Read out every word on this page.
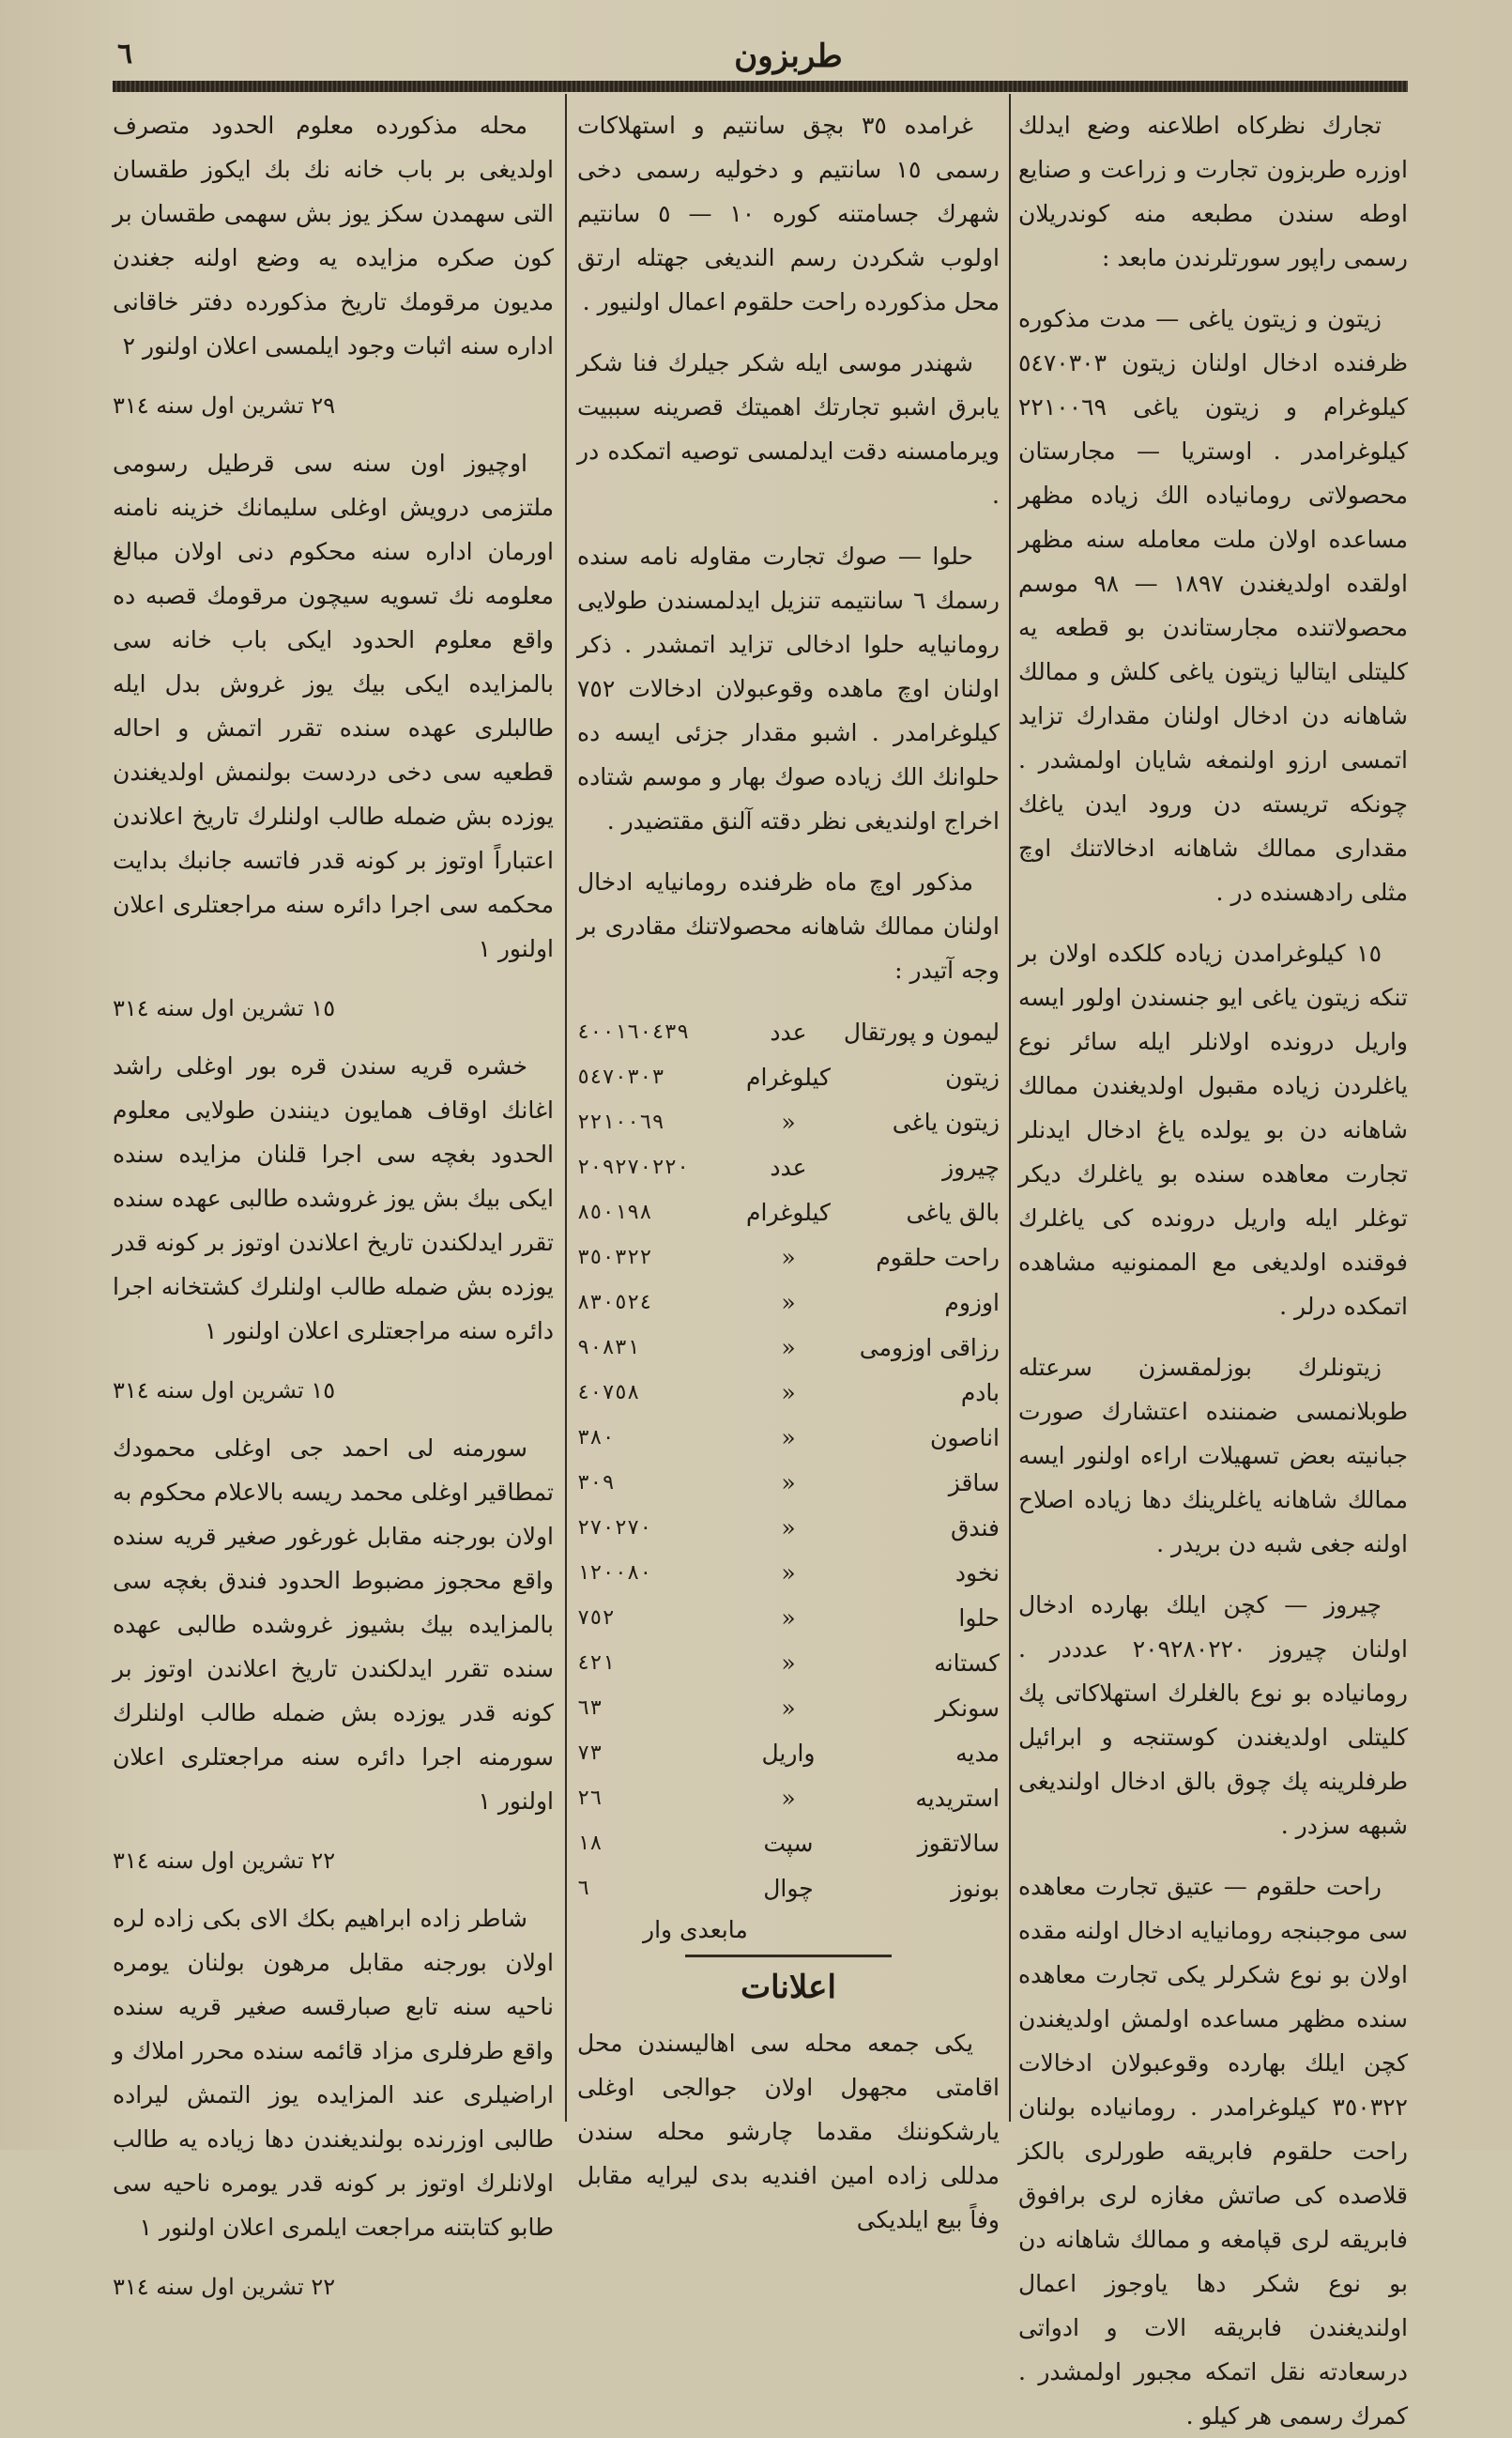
٦	طربزون

تجارك نظركاه اطلاعنه وضع ايدلك اوزره طربزون تجارت و زراعت و صنايع اوطه سندن مطبعه منه كوندريلان رسمى راپور سورتلرندن مابعد :

زيتون و زيتون ياغى — مدت مذكوره ظرفنده ادخال اولنان زيتون ٥٤٧٠٣٠٣ كيلوغرام و زيتون ياغى ٢٢١٠٠٦٩ كيلوغرامدر . اوستريا — مجارستان محصولاتى رومانياده الك زياده مظهر مساعده اولان ملت معامله سنه مظهر اولقده اولديغندن ١٨٩٧ — ٩٨ موسم محصولاتنده مجارستاندن بو قطعه يه كليتلى ايتاليا زيتون ياغى كلش و ممالك شاهانه دن ادخال اولنان مقدارك تزايد اتمسى ارزو اولنمغه شايان اولمشدر . چونكه تريسته دن ورود ايدن ياغك مقدارى ممالك شاهانه ادخالاتنك اوچ مثلى رادهسنده در .

١٥ كيلوغرامدن زياده كلكده اولان بر تنكه زيتون ياغى ايو جنسندن اولور ايسه واريل درونده اولانلر ايله سائر نوع ياغلردن زياده مقبول اولديغندن ممالك شاهانه دن بو يولده ياغ ادخال ايدنلر تجارت معاهده سنده بو ياغلرك ديكر توغلر ايله واريل درونده كى ياغلرك فوقنده اولديغى مع الممنونيه مشاهده اتمكده درلر .

زيتونلرك بوزلمقسزن سرعتله طوبلانمسى ضمننده اعتشارك صورت جبانيته بعض تسهيلات اراءه اولنور ايسه ممالك شاهانه ياغلرينك دها زياده اصلاح اولنه جغى شبه دن بريدر .

چيروز — كچن ايلك بهارده ادخال اولنان چيروز ٢٠٩٢٨٠٢٢٠ عدددر . رومانياده بو نوع بالغلرك استهلاكاتى پك كليتلى اولديغندن كوستنجه و ابرائيل طرفلرينه پك چوق بالق ادخال اولنديغى شبهه سزدر .

راحت حلقوم — عتيق تجارت معاهده سى موجبنجه رومانيايه ادخال اولنه مقده اولان بو نوع شكرلر يكى تجارت معاهده سنده مظهر مساعده اولمش اولديغندن كچن ايلك بهارده وقوعبولان ادخالات ٣٥٠٣٢٢ كيلوغرامدر . رومانياده بولنان راحت حلقوم فابريقه طورلرى بالكز قلاصده كى صاتش مغازه لرى برافوق فابريقه لرى قپامغه و ممالك شاهانه دن بو نوع شكر دها ياوجوز اعمال اولنديغندن فابريقه الات و ادواتى درسعادته نقل اتمكه مجبور اولمشدر . كمرك رسمى هر كيلو .

غرامده ٣٥ بچق سانتيم و استهلاكات رسمى ١٥ سانتيم و دخوليه رسمى دخى شهرك جسامتنه كوره ١٠ — ٥ سانتيم اولوب شكردن رسم النديغى جهتله ارتق محل مذكورده راحت حلقوم اعمال اولنيور .

شهندر موسى ايله شكر جيلرك فنا شكر يابرق اشبو تجارتك اهميتك قصرينه سببيت ويرمامسنه دقت ايدلمسى توصيه اتمكده در .

حلوا — صوك تجارت مقاوله نامه سنده رسمك ٦ سانتيمه تنزيل ايدلمسندن طولايى رومانيايه حلوا ادخالى تزايد اتمشدر . ذكر اولنان اوچ ماهده وقوعبولان ادخالات ٧٥٢ كيلوغرامدر . اشبو مقدار جزئى ايسه ده حلوانك الك زياده صوك بهار و موسم شتاده اخراج اولنديغى نظر دقته آلنق مقتضيدر .

مذكور اوچ ماه ظرفنده رومانيايه ادخال اولنان ممالك شاهانه محصولاتنك مقادرى بر وجه آتيدر :

ليمون و پورتقال	عدد	٤٠٠١٦٠٤٣٩
زيتون	كيلوغرام	٥٤٧٠٣٠٣
زيتون ياغى	«	٢٢١٠٠٦٩
چيروز	عدد	٢٠٩٢٧٠٢٢٠
بالق ياغى	كيلوغرام	٨٥٠١٩٨
راحت حلقوم	«	٣٥٠٣٢٢
اوزوم	«	٨٣٠٥٢٤
رزاقى اوزومى	«	٩٠٨٣١
بادم	«	٤٠٧٥٨
اناصون	«	٣٨٠
ساقز	«	٣٠٩
فندق	«	٢٧٠٢٧٠
نخود	«	١٢٠٠٨٠
حلوا	«	٧٥٢
كستانه	«	٤٢١
سونكر	«	٦٣
مديه	واريل	٧٣
استريديه	«	٢٦
سالاتقوز	سپت	١٨
بونوز	چوال	٦
مابعدى وار
اعلانات

يكى جمعه محله سى اهاليسندن محل اقامتى مجهول اولان جوالجى اوغلى يارشكوننك مقدما چارشو محله سندن مدللى زاده امين افنديه بدى ليرايه مقابل وفاً بيع ايلديكى

محله مذكورده معلوم الحدود متصرف اولديغى بر باب خانه نك بك ايكوز طقسان التى سهمدن سكز يوز بش سهمى طقسان بر كون صكره مزايده يه وضع اولنه جغندن مديون مرقومك تاريخ مذكورده دفتر خاقانى اداره سنه اثبات وجود ايلمسى اعلان اولنور ٢

٢٩ تشرين اول سنه ٣١٤

اوچيوز اون سنه سى قرطيل رسومى ملتزمى درويش اوغلى سليمانك خزينه نامنه اورمان اداره سنه محكوم دنى اولان مبالغ معلومه نك تسويه سيچون مرقومك قصبه ده واقع معلوم الحدود ايكى باب خانه سى بالمزايده ايكى بيك يوز غروش بدل ايله طالبلرى عهده سنده تقرر اتمش و احاله قطعيه سى دخى دردست بولنمش اولديغندن يوزده بش ضمله طالب اولنلرك تاريخ اعلاندن اعتباراً اوتوز بر كونه قدر فاتسه جانبك بدايت محكمه سى اجرا دائره سنه مراجعتلرى اعلان اولنور ١

١٥ تشرين اول سنه ٣١٤

خشره قريه سندن قره بور اوغلى راشد اغانك اوقاف همايون دينندن طولايى معلوم الحدود بغچه سى اجرا قلنان مزايده سنده ايكى بيك بش يوز غروشده طالبى عهده سنده تقرر ايدلكندن تاريخ اعلاندن اوتوز بر كونه قدر يوزده بش ضمله طالب اولنلرك كشتخانه اجرا دائره سنه مراجعتلرى اعلان اولنور ١

١٥ تشرين اول سنه ٣١٤

سورمنه لى احمد جى اوغلى محمودك تمطاقير اوغلى محمد ريسه بالاعلام محكوم به اولان بورجنه مقابل غورغور صغير قريه سنده واقع محجوز مضبوط الحدود فندق بغچه سى بالمزايده بيك بشيوز غروشده طالبى عهده سنده تقرر ايدلكندن تاريخ اعلاندن اوتوز بر كونه قدر يوزده بش ضمله طالب اولنلرك سورمنه اجرا دائره سنه مراجعتلرى اعلان اولنور ١

٢٢ تشرين اول سنه ٣١٤

شاطر زاده ابراهيم بكك الاى بكى زاده لره اولان بورجنه مقابل مرهون بولنان يومره ناحيه سنه تابع صبارقسه صغير قريه سنده واقع طرفلرى مزاد قائمه سنده محرر املاك و اراضيلرى عند المزايده يوز التمش ليراده طالبى اوزرنده بولنديغندن دها زياده يه طالب اولانلرك اوتوز بر كونه قدر يومره ناحيه سى طابو كتابتنه مراجعت ايلمرى اعلان اولنور ١

٢٢ تشرين اول سنه ٣١٤
